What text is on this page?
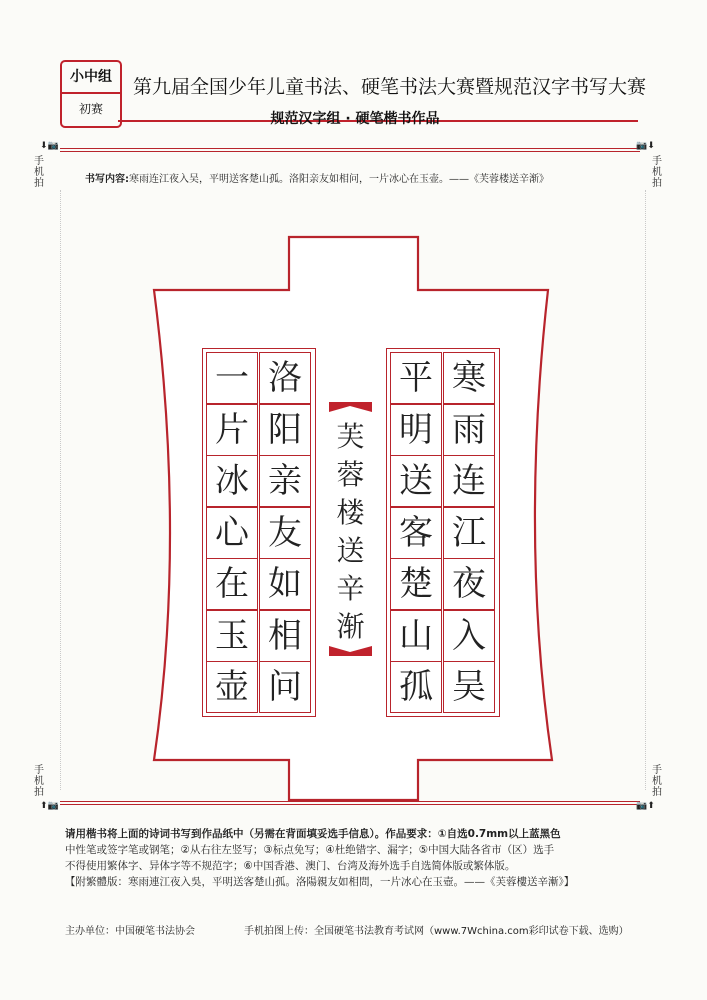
小中组
初赛
第九届全国少年儿童书法、硬笔书法大赛暨规范汉字书写大赛
规范汉字组 · 硬笔楷书作品
⬇📷
手机拍
📷⬇
手机拍
书写内容:寒雨连江夜入吴，平明送客楚山孤。洛阳亲友如相问，一片冰心在玉壶。——《芙蓉楼送辛渐》
寒
雨
连
江
夜
入
吴
平
明
送
客
楚
山
孤
洛
阳
亲
友
如
相
问
一
片
冰
心
在
玉
壶
芙
蓉
楼
送
辛
渐
手机拍
⬆📷
手机拍
📷⬆

请用楷书将上面的诗词书写到作品纸中（另需在背面填妥选手信息）。作品要求：①自选0.7mm以上蓝黑色

中性笔或签字笔或钢笔；②从右往左竖写；③标点免写；④杜绝错字、漏字；⑤中国大陆各省市（区）选手

不得使用繁体字、异体字等不规范字；⑥中国香港、澳门、台湾及海外选手自选简体版或繁体版。

【附繁體版：寒雨連江夜入吳，平明送客楚山孤。洛陽親友如相問，一片冰心在玉壺。——《芙蓉樓送辛漸》】

主办单位：中国硬笔书法协会	手机拍图上传：全国硬笔书法教育考试网（www.7Wchina.com彩印试卷下载、选购）
